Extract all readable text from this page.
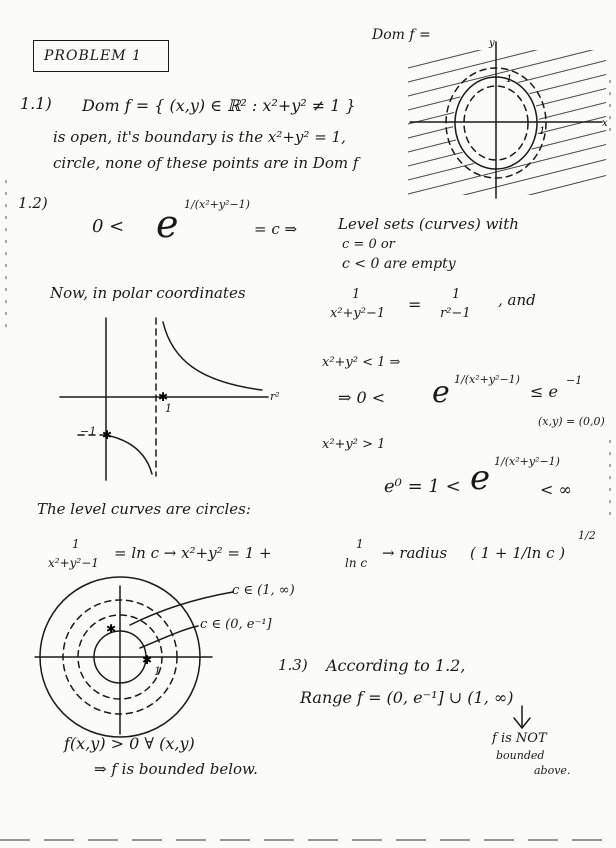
PROBLEM 1
Dom f =
y
x
1
1
1.1) Dom f = { (x,y) ∈ ℝ² : x²+y² ≠ 1 }
is open, it's boundary is the x²+y² = 1,
circle, none of these points are in Dom f
1.2)
0 < e 1/(x²+y²−1)
= c ⇒	Level sets (curves) with
c = 0 or
c < 0 are empty
Now, in polar coordinates	1
x²+y²−1 =
1
r²−1
, and
✱
✱	r²
1
−1
x²+y² < 1 ⇒
⇒ 0 < e 1/(x²+y²−1)
≤ e
−1
(x,y) = (0,0)
x²+y² > 1
e⁰ = 1 < e 1/(x²+y²−1)
< ∞
The level curves are circles:
1
x²+y²−1
= ln c → x²+y² = 1 +	1
ln c
→ radius ( 1 + 1/ln c )
1/2
✱
✱
c ∈ (1, ∞)
c ∈ (0, e⁻¹]
1	1.3) According to 1.2,
Range f = (0, e⁻¹] ∪ (1, ∞)
f is NOT
bounded
above.
f(x,y) > 0 ∀ (x,y)
⇒ f is bounded below.
